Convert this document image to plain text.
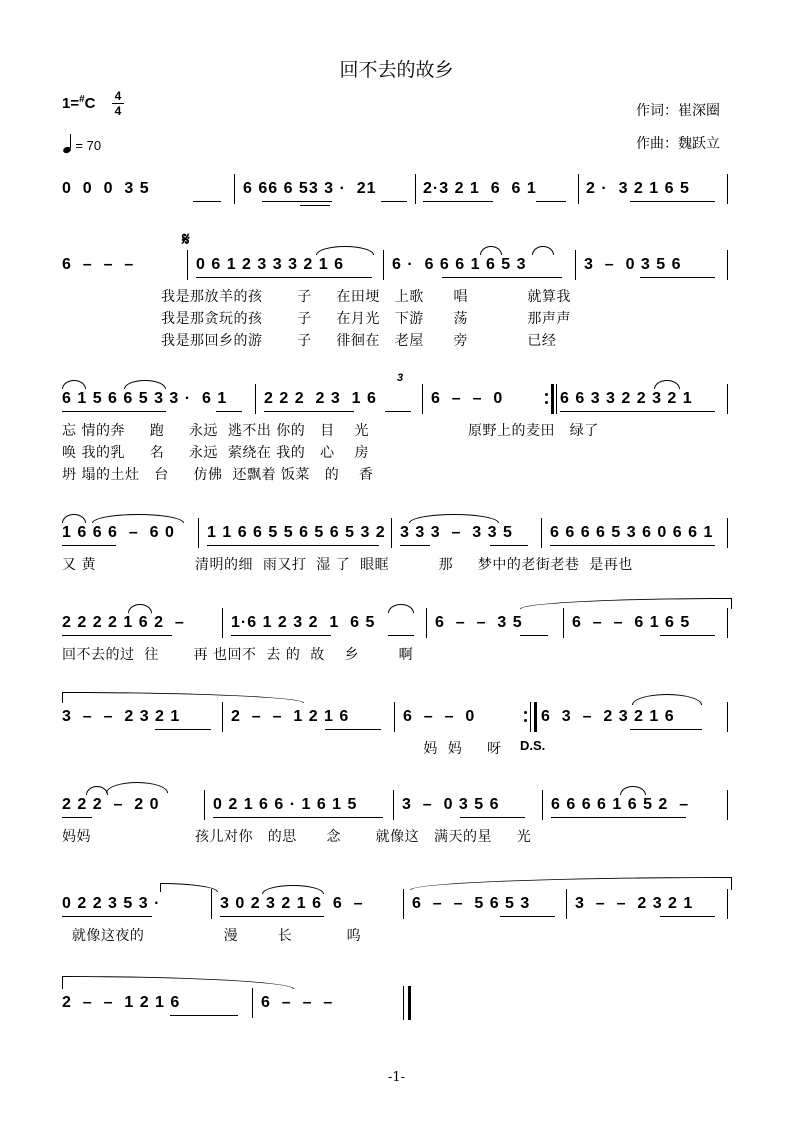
回不去的故乡
1=#C	4
4
= 70
作词：崔深圈
作曲：魏跃立
0  0  0  3 5	6 66 6 53 3 ·  21	2·3 2 1  6  6 1	2 ·  3 2 1 6 5
𝄋
6  –  –  –	0 6 1 2 3 3 3 2 1 6	6 ·  6 6 6 1 6 5 3	3  –  0 3 5 6
我是那放羊的孩       子     在田埂   上歌      唱            就算我
我是那贪玩的孩       子     在月光   下游      荡            那声声
我是那回乡的游       子     徘徊在   老屋      旁            已经
6 1 5 6 6 5 3 3 ·  6 1 2 2 2  2 3  1 6
3
6  –  –  0	6 6 3 3 2 2 3 2 1
忘 情的奔     跑     永远  逃不出 你的   目    光                    原野上的麦田   绿了
唤 我的乳     名     永远  萦绕在 我的   心    房
坍 塌的土灶   台     仿佛  还飘着 饭菜   的    香
1 6 6 6  –  6 0 1 1 6 6 5 5 6 5 6 5 3 2 3 3 3  –  3 3 5 6 6 6 6 5 3 6 0 6 6 1
又 黄                    清明的细  雨又打  湿 了  眼眶          那     梦中的老街老巷  是再也
2 2 2 2 1 6 2  –	1·6 1 2 3 2  1  6 5	6  –  –  3 5	6  –  –  6 1 6 5
回不去的过  往       再 也回不  去 的  故    乡        啊
3  –  –  2 3 2 1	2  –  –  1 2 1 6	6  –  –  0	6  3  –  2 3 2 1 6
D.S.
妈  妈     呀
2 2 2  –  2 0	0 2 1 6 6 · 1 6 1 5	3  –  0 3 5 6	6 6 6 6 1 6 5 2  –
妈妈                     孩儿对你   的思      念       就像这   满天的星     光
0 2 2 3 5 3 ·	3 0 2 3 2 1 6  6  –	6  –  –  5 6 5 3	3  –  –  2 3 2 1
就像这夜的                漫        长           呜
2  –  –  1 2 1 6	6  –  –  –
-1-
